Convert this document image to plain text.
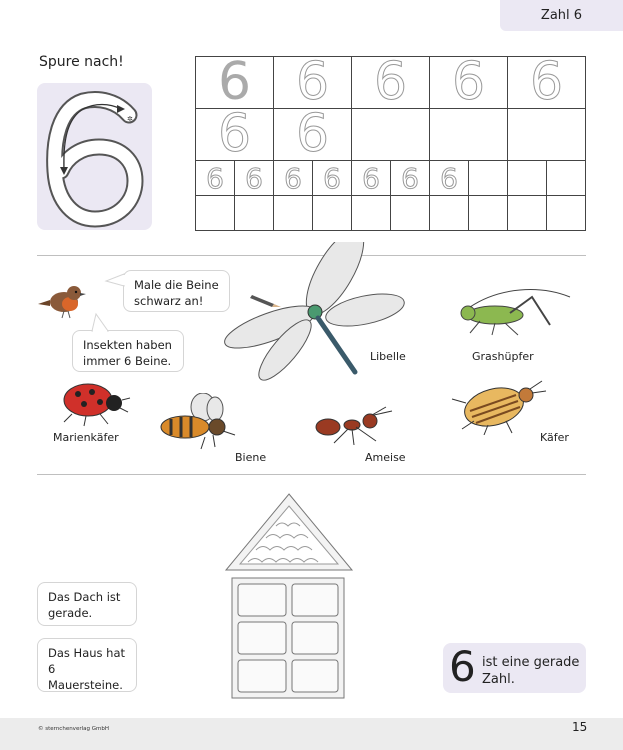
Zahl 6
Spure nach!
✲
6		6		6		6		6	
6		6							
6	6	6	6	6	6	6			

Male die Beine schwarz an!
Insekten haben immer 6 Beine.	Libelle	Grashüpfer
Marienkäfer
Biene	Ameise
Käfer
Das Dach ist gerade.
Das Haus hat 6 Mauersteine.	6 ist eine gerade Zahl.
© sternchenverlag GmbH	15
